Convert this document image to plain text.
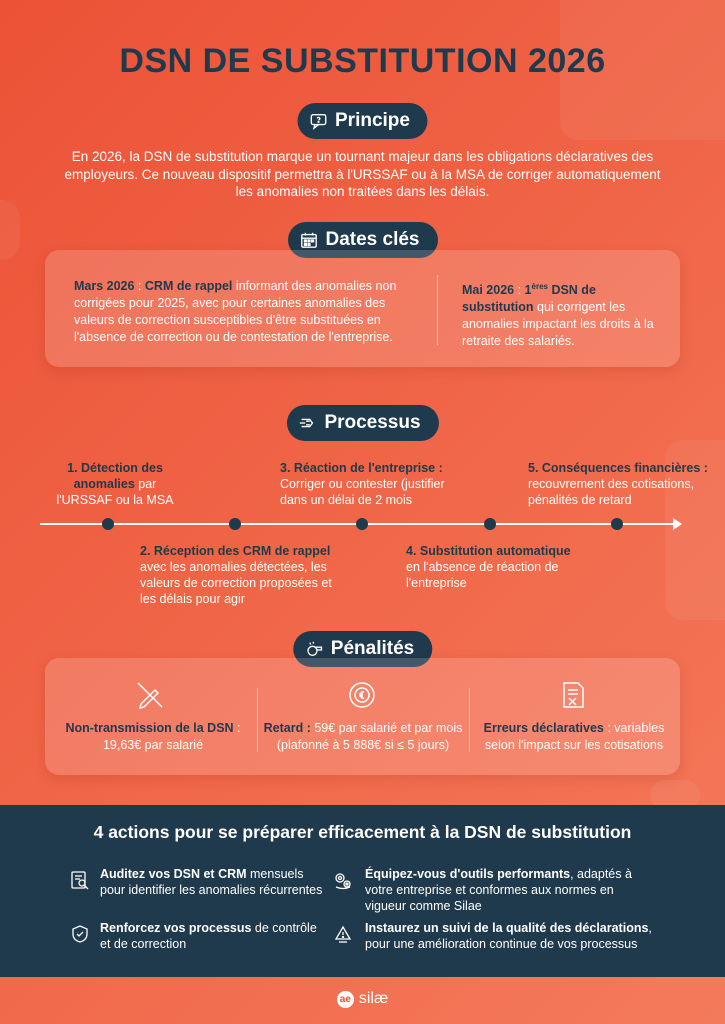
DSN DE SUBSTITUTION 2026
Principe

En 2026, la DSN de substitution marque un tournant majeur dans les obligations déclaratives des employeurs. Ce nouveau dispositif permettra à l'URSSAF ou à la MSA de corriger automatiquement les anomalies non traitées dans les délais.

Dates clés

Mars 2026 : CRM de rappel informant des anomalies non corrigées pour 2025, avec pour certaines anomalies des valeurs de correction susceptibles d'être substituées en l'absence de correction ou de contestation de l'entreprise.

Mai 2026 : 1ères DSN de substitution qui corrigent les anomalies impactant les droits à la retraite des salariés.

Processus

1. Détection des anomalies par l'URSSAF ou la MSA

2. Réception des CRM de rappel avec les anomalies détectées, les valeurs de correction proposées et les délais pour agir

3. Réaction de l'entreprise : Corriger ou contester (justifier dans un délai de 2 mois

4. Substitution automatique en l'absence de réaction de l'entreprise

5. Conséquences financières : recouvrement des cotisations, pénalités de retard

Pénalités

Non-transmission de la DSN : 19,63€ par salarié

Retard : 59€ par salarié et par mois (plafonné à 5 888€ si ≤ 5 jours)

Erreurs déclaratives : variables selon l'impact sur les cotisations

4 actions pour se préparer efficacement à la DSN de substitution

Auditez vos DSN et CRM mensuels pour identifier les anomalies récurrentes

Équipez-vous d'outils performants, adaptés à votre entreprise et conformes aux normes en vigueur comme Silae

Renforcez vos processus de contrôle et de correction

Instaurez un suivi de la qualité des déclarations, pour une amélioration continue de vos processus

ae silæ
